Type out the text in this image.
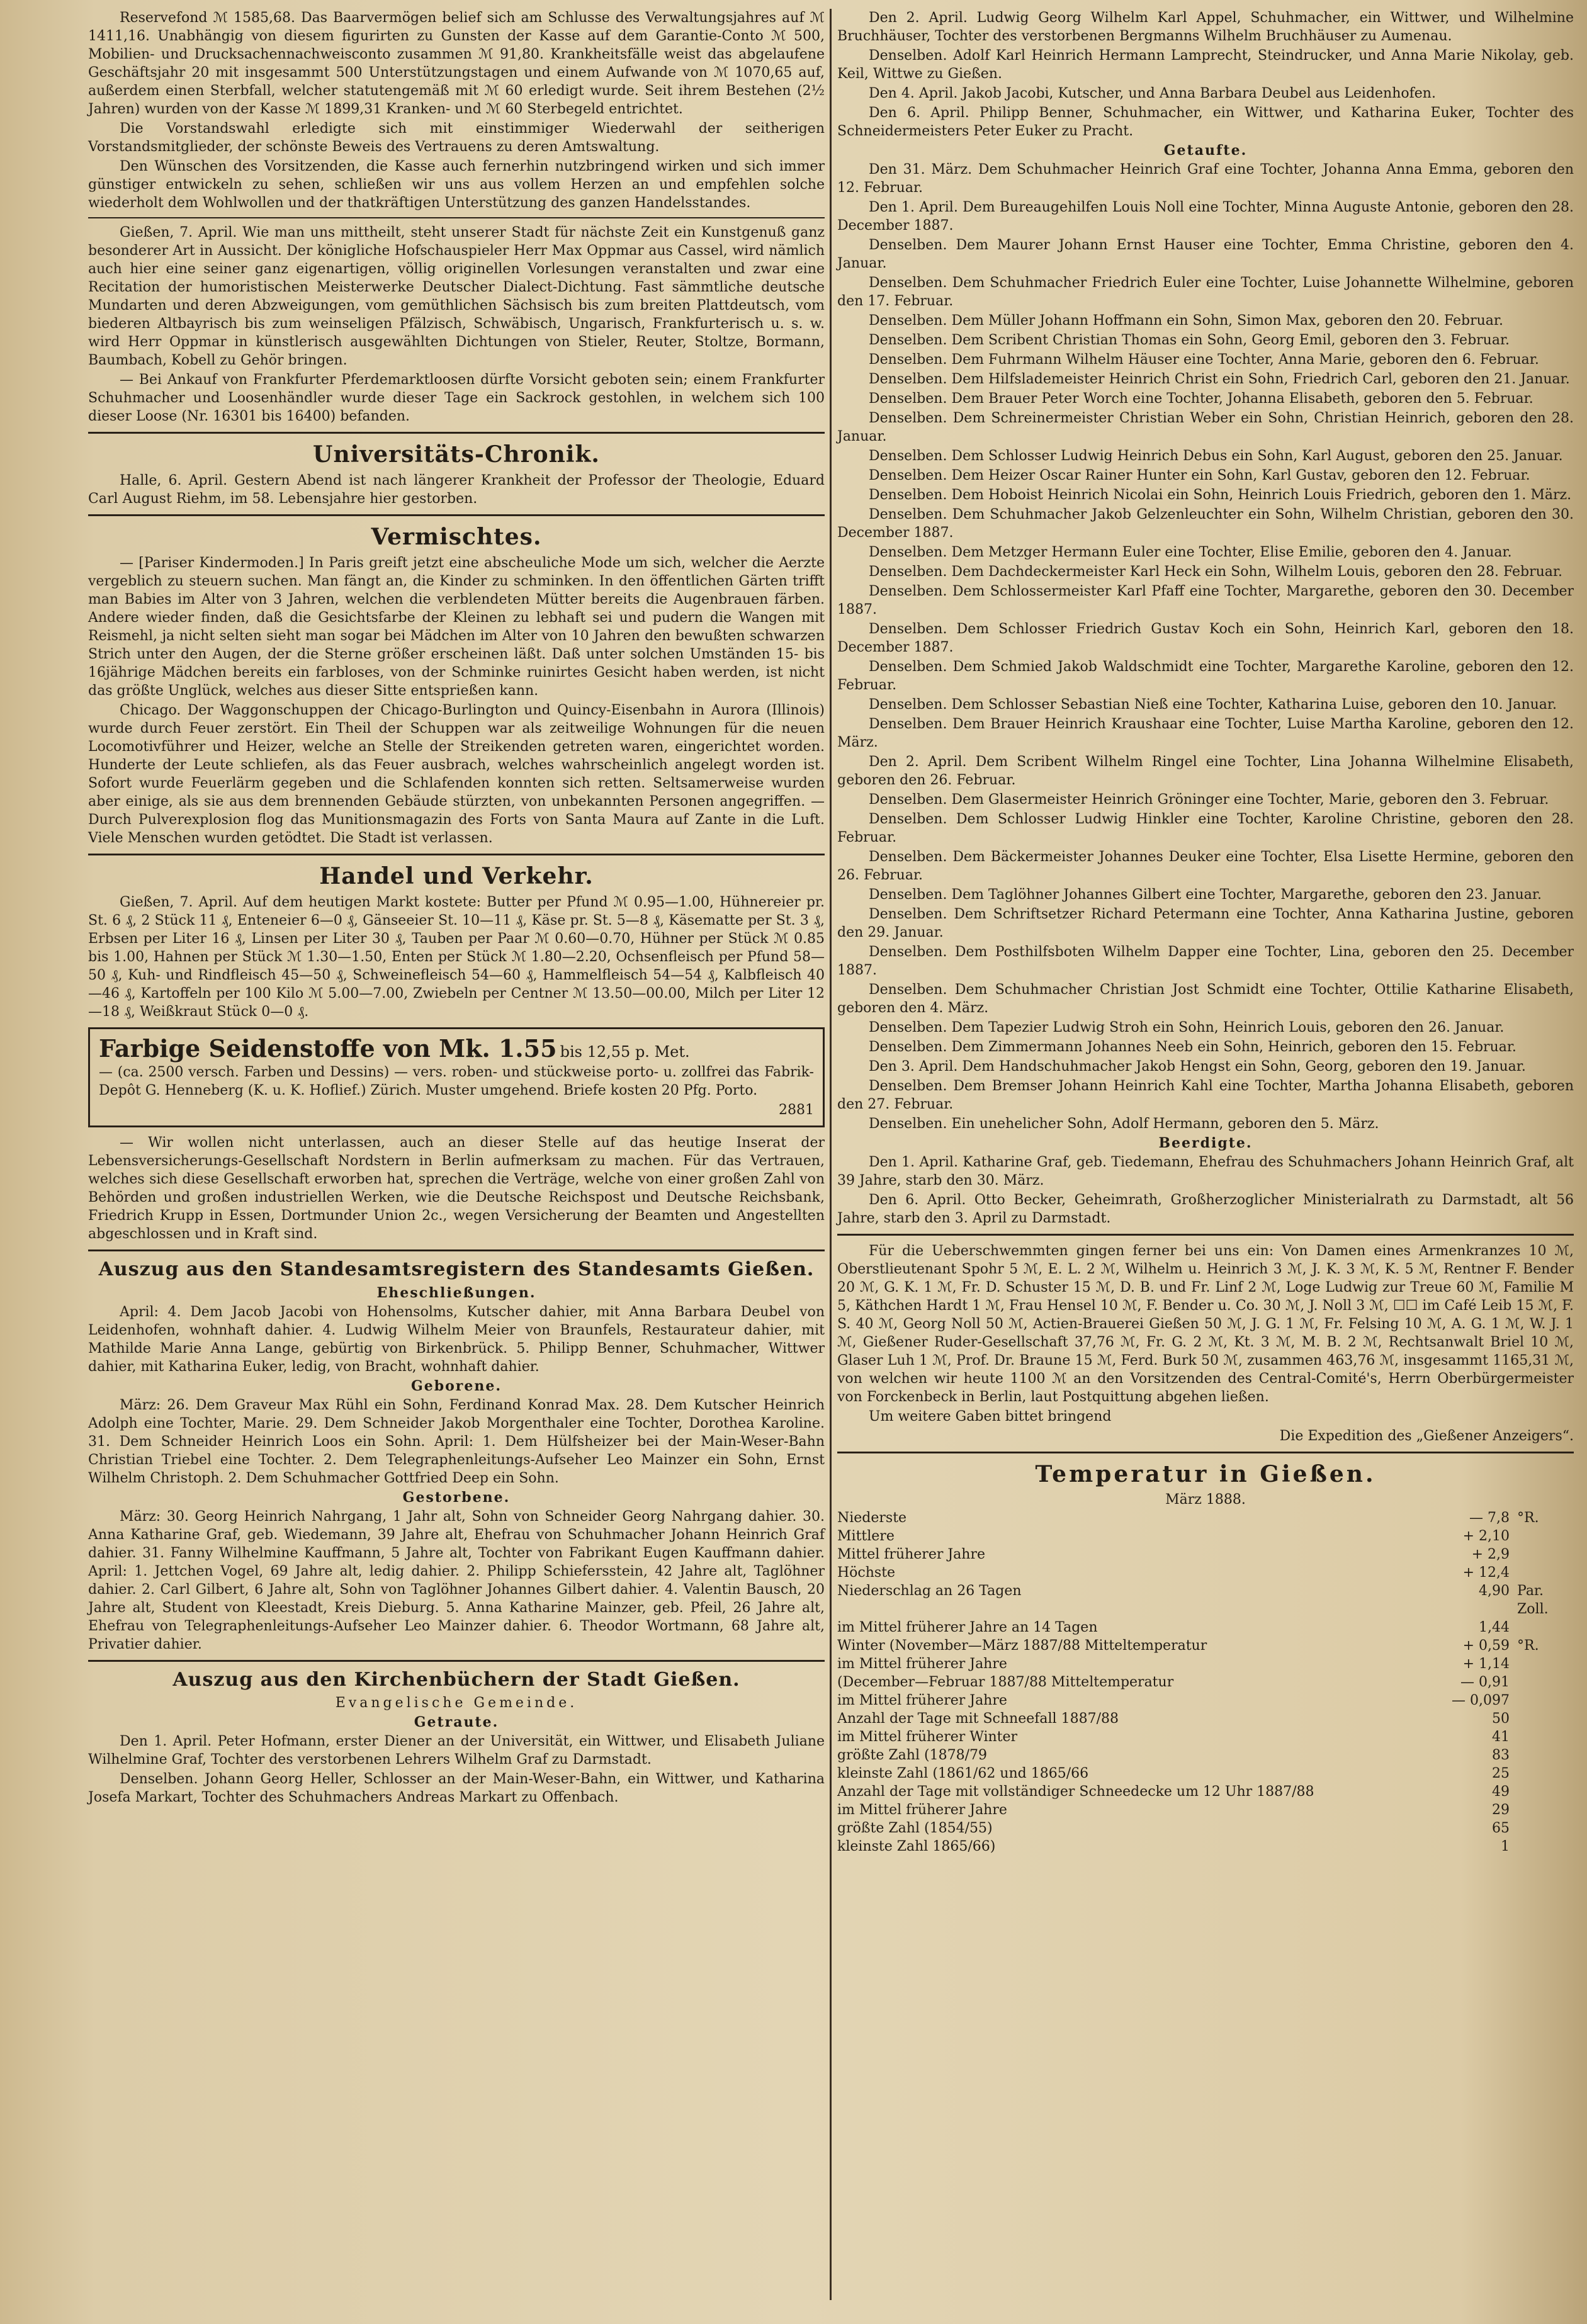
Reservefond ℳ 1585,68. Das Baarvermögen belief sich am Schlusse des Verwaltungsjahres auf ℳ 1411,16. Unabhängig von diesem figurirten zu Gunsten der Kasse auf dem Garantie-Conto ℳ 500, Mobilien- und Drucksachennachweisconto zusammen ℳ 91,80. Krankheitsfälle weist das abgelaufene Geschäftsjahr 20 mit insgesammt 500 Unterstützungstagen und einem Aufwande von ℳ 1070,65 auf, außerdem einen Sterbfall, welcher statutengemäß mit ℳ 60 erledigt wurde. Seit ihrem Bestehen (2½ Jahren) wurden von der Kasse ℳ 1899,31 Kranken- und ℳ 60 Sterbegeld entrichtet.

Die Vorstandswahl erledigte sich mit einstimmiger Wiederwahl der seitherigen Vorstandsmitglieder, der schönste Beweis des Vertrauens zu deren Amtswaltung.

Den Wünschen des Vorsitzenden, die Kasse auch fernerhin nutzbringend wirken und sich immer günstiger entwickeln zu sehen, schließen wir uns aus vollem Herzen an und empfehlen solche wiederholt dem Wohlwollen und der thatkräftigen Unterstützung des ganzen Handelsstandes.

Gießen, 7. April. Wie man uns mittheilt, steht unserer Stadt für nächste Zeit ein Kunstgenuß ganz besonderer Art in Aussicht. Der königliche Hofschauspieler Herr Max Oppmar aus Cassel, wird nämlich auch hier eine seiner ganz eigenartigen, völlig originellen Vorlesungen veranstalten und zwar eine Recitation der humoristischen Meisterwerke Deutscher Dialect-Dichtung. Fast sämmtliche deutsche Mundarten und deren Abzweigungen, vom gemüthlichen Sächsisch bis zum breiten Plattdeutsch, vom biederen Altbayrisch bis zum weinseligen Pfälzisch, Schwäbisch, Ungarisch, Frankfurterisch u. s. w. wird Herr Oppmar in künstlerisch ausgewählten Dichtungen von Stieler, Reuter, Stoltze, Bormann, Baumbach, Kobell zu Gehör bringen.

— Bei Ankauf von Frankfurter Pferdemarktloosen dürfte Vorsicht geboten sein; einem Frankfurter Schuhmacher und Loosenhändler wurde dieser Tage ein Sackrock gestohlen, in welchem sich 100 dieser Loose (Nr. 16301 bis 16400) befanden.

Universitäts-Chronik.

Halle, 6. April. Gestern Abend ist nach längerer Krankheit der Professor der Theologie, Eduard Carl August Riehm, im 58. Lebensjahre hier gestorben.

Vermischtes.

— [Pariser Kindermoden.] In Paris greift jetzt eine abscheuliche Mode um sich, welcher die Aerzte vergeblich zu steuern suchen. Man fängt an, die Kinder zu schminken. In den öffentlichen Gärten trifft man Babies im Alter von 3 Jahren, welchen die verblendeten Mütter bereits die Augenbrauen färben. Andere wieder finden, daß die Gesichtsfarbe der Kleinen zu lebhaft sei und pudern die Wangen mit Reismehl, ja nicht selten sieht man sogar bei Mädchen im Alter von 10 Jahren den bewußten schwarzen Strich unter den Augen, der die Sterne größer erscheinen läßt. Daß unter solchen Umständen 15- bis 16jährige Mädchen bereits ein farbloses, von der Schminke ruinirtes Gesicht haben werden, ist nicht das größte Unglück, welches aus dieser Sitte entsprießen kann.

Chicago. Der Waggonschuppen der Chicago-Burlington und Quincy-Eisenbahn in Aurora (Illinois) wurde durch Feuer zerstört. Ein Theil der Schuppen war als zeitweilige Wohnungen für die neuen Locomotivführer und Heizer, welche an Stelle der Streikenden getreten waren, eingerichtet worden. Hunderte der Leute schliefen, als das Feuer ausbrach, welches wahrscheinlich angelegt worden ist. Sofort wurde Feuerlärm gegeben und die Schlafenden konnten sich retten. Seltsamerweise wurden aber einige, als sie aus dem brennenden Gebäude stürzten, von unbekannten Personen angegriffen. — Durch Pulverexplosion flog das Munitionsmagazin des Forts von Santa Maura auf Zante in die Luft. Viele Menschen wurden getödtet. Die Stadt ist verlassen.

Handel und Verkehr.

Gießen, 7. April. Auf dem heutigen Markt kostete: Butter per Pfund ℳ 0.95—1.00, Hühnereier pr. St. 6 ₰, 2 Stück 11 ₰, Enteneier 6—0 ₰, Gänseeier St. 10—11 ₰, Käse pr. St. 5—8 ₰, Käsematte per St. 3 ₰, Erbsen per Liter 16 ₰, Linsen per Liter 30 ₰, Tauben per Paar ℳ 0.60—0.70, Hühner per Stück ℳ 0.85 bis 1.00, Hahnen per Stück ℳ 1.30—1.50, Enten per Stück ℳ 1.80—2.20, Ochsenfleisch per Pfund 58—50 ₰, Kuh- und Rindfleisch 45—50 ₰, Schweinefleisch 54—60 ₰, Hammelfleisch 54—54 ₰, Kalbfleisch 40—46 ₰, Kartoffeln per 100 Kilo ℳ 5.00—7.00, Zwiebeln per Centner ℳ 13.50—00.00, Milch per Liter 12—18 ₰, Weißkraut Stück 0—0 ₰.

Farbige Seidenstoffe von Mk. 1.55 bis 12,55 p. Met.

— (ca. 2500 versch. Farben und Dessins) — vers. roben- und stückweise porto- u. zollfrei das Fabrik-Depôt G. Henneberg (K. u. K. Hoflief.) Zürich. Muster umgehend. Briefe kosten 20 Pfg. Porto.

2881

— Wir wollen nicht unterlassen, auch an dieser Stelle auf das heutige Inserat der Lebensversicherungs-Gesellschaft Nordstern in Berlin aufmerksam zu machen. Für das Vertrauen, welches sich diese Gesellschaft erworben hat, sprechen die Verträge, welche von einer großen Zahl von Behörden und großen industriellen Werken, wie die Deutsche Reichspost und Deutsche Reichsbank, Friedrich Krupp in Essen, Dortmunder Union 2c., wegen Versicherung der Beamten und Angestellten abgeschlossen und in Kraft sind.

Auszug aus den Standesamtsregistern des Standesamts Gießen.
Eheschließungen.

April: 4. Dem Jacob Jacobi von Hohensolms, Kutscher dahier, mit Anna Barbara Deubel von Leidenhofen, wohnhaft dahier. 4. Ludwig Wilhelm Meier von Braunfels, Restaurateur dahier, mit Mathilde Marie Anna Lange, gebürtig von Birkenbrück. 5. Philipp Benner, Schuhmacher, Wittwer dahier, mit Katharina Euker, ledig, von Bracht, wohnhaft dahier.

Geborene.

März: 26. Dem Graveur Max Rühl ein Sohn, Ferdinand Konrad Max. 28. Dem Kutscher Heinrich Adolph eine Tochter, Marie. 29. Dem Schneider Jakob Morgenthaler eine Tochter, Dorothea Karoline. 31. Dem Schneider Heinrich Loos ein Sohn. April: 1. Dem Hülfsheizer bei der Main-Weser-Bahn Christian Triebel eine Tochter. 2. Dem Telegraphenleitungs-Aufseher Leo Mainzer ein Sohn, Ernst Wilhelm Christoph. 2. Dem Schuhmacher Gottfried Deep ein Sohn.

Gestorbene.

März: 30. Georg Heinrich Nahrgang, 1 Jahr alt, Sohn von Schneider Georg Nahrgang dahier. 30. Anna Katharine Graf, geb. Wiedemann, 39 Jahre alt, Ehefrau von Schuhmacher Johann Heinrich Graf dahier. 31. Fanny Wilhelmine Kauffmann, 5 Jahre alt, Tochter von Fabrikant Eugen Kauffmann dahier. April: 1. Jettchen Vogel, 69 Jahre alt, ledig dahier. 2. Philipp Schiefersstein, 42 Jahre alt, Taglöhner dahier. 2. Carl Gilbert, 6 Jahre alt, Sohn von Taglöhner Johannes Gilbert dahier. 4. Valentin Bausch, 20 Jahre alt, Student von Kleestadt, Kreis Dieburg. 5. Anna Katharine Mainzer, geb. Pfeil, 26 Jahre alt, Ehefrau von Telegraphenleitungs-Aufseher Leo Mainzer dahier. 6. Theodor Wortmann, 68 Jahre alt, Privatier dahier.

Auszug aus den Kirchenbüchern der Stadt Gießen.
Evangelische Gemeinde.
Getraute.

Den 1. April. Peter Hofmann, erster Diener an der Universität, ein Wittwer, und Elisabeth Juliane Wilhelmine Graf, Tochter des verstorbenen Lehrers Wilhelm Graf zu Darmstadt.

Denselben. Johann Georg Heller, Schlosser an der Main-Weser-Bahn, ein Wittwer, und Katharina Josefa Markart, Tochter des Schuhmachers Andreas Markart zu Offenbach.

Den 2. April. Ludwig Georg Wilhelm Karl Appel, Schuhmacher, ein Wittwer, und Wilhelmine Bruchhäuser, Tochter des verstorbenen Bergmanns Wilhelm Bruchhäuser zu Aumenau.

Denselben. Adolf Karl Heinrich Hermann Lamprecht, Steindrucker, und Anna Marie Nikolay, geb. Keil, Wittwe zu Gießen.

Den 4. April. Jakob Jacobi, Kutscher, und Anna Barbara Deubel aus Leidenhofen.

Den 6. April. Philipp Benner, Schuhmacher, ein Wittwer, und Katharina Euker, Tochter des Schneidermeisters Peter Euker zu Pracht.

Getaufte.

Den 31. März. Dem Schuhmacher Heinrich Graf eine Tochter, Johanna Anna Emma, geboren den 12. Februar.

Den 1. April. Dem Bureaugehilfen Louis Noll eine Tochter, Minna Auguste Antonie, geboren den 28. December 1887.

Denselben. Dem Maurer Johann Ernst Hauser eine Tochter, Emma Christine, geboren den 4. Januar.

Denselben. Dem Schuhmacher Friedrich Euler eine Tochter, Luise Johannette Wilhelmine, geboren den 17. Februar.

Denselben. Dem Müller Johann Hoffmann ein Sohn, Simon Max, geboren den 20. Februar.

Denselben. Dem Scribent Christian Thomas ein Sohn, Georg Emil, geboren den 3. Februar.

Denselben. Dem Fuhrmann Wilhelm Häuser eine Tochter, Anna Marie, geboren den 6. Februar.

Denselben. Dem Hilfslademeister Heinrich Christ ein Sohn, Friedrich Carl, geboren den 21. Januar.

Denselben. Dem Brauer Peter Worch eine Tochter, Johanna Elisabeth, geboren den 5. Februar.

Denselben. Dem Schreinermeister Christian Weber ein Sohn, Christian Heinrich, geboren den 28. Januar.

Denselben. Dem Schlosser Ludwig Heinrich Debus ein Sohn, Karl August, geboren den 25. Januar.

Denselben. Dem Heizer Oscar Rainer Hunter ein Sohn, Karl Gustav, geboren den 12. Februar.

Denselben. Dem Hoboist Heinrich Nicolai ein Sohn, Heinrich Louis Friedrich, geboren den 1. März.

Denselben. Dem Schuhmacher Jakob Gelzenleuchter ein Sohn, Wilhelm Christian, geboren den 30. December 1887.

Denselben. Dem Metzger Hermann Euler eine Tochter, Elise Emilie, geboren den 4. Januar.

Denselben. Dem Dachdeckermeister Karl Heck ein Sohn, Wilhelm Louis, geboren den 28. Februar.

Denselben. Dem Schlossermeister Karl Pfaff eine Tochter, Margarethe, geboren den 30. December 1887.

Denselben. Dem Schlosser Friedrich Gustav Koch ein Sohn, Heinrich Karl, geboren den 18. December 1887.

Denselben. Dem Schmied Jakob Waldschmidt eine Tochter, Margarethe Karoline, geboren den 12. Februar.

Denselben. Dem Schlosser Sebastian Nieß eine Tochter, Katharina Luise, geboren den 10. Januar.

Denselben. Dem Brauer Heinrich Kraushaar eine Tochter, Luise Martha Karoline, geboren den 12. März.

Den 2. April. Dem Scribent Wilhelm Ringel eine Tochter, Lina Johanna Wilhelmine Elisabeth, geboren den 26. Februar.

Denselben. Dem Glasermeister Heinrich Gröninger eine Tochter, Marie, geboren den 3. Februar.

Denselben. Dem Schlosser Ludwig Hinkler eine Tochter, Karoline Christine, geboren den 28. Februar.

Denselben. Dem Bäckermeister Johannes Deuker eine Tochter, Elsa Lisette Hermine, geboren den 26. Februar.

Denselben. Dem Taglöhner Johannes Gilbert eine Tochter, Margarethe, geboren den 23. Januar.

Denselben. Dem Schriftsetzer Richard Petermann eine Tochter, Anna Katharina Justine, geboren den 29. Januar.

Denselben. Dem Posthilfsboten Wilhelm Dapper eine Tochter, Lina, geboren den 25. December 1887.

Denselben. Dem Schuhmacher Christian Jost Schmidt eine Tochter, Ottilie Katharine Elisabeth, geboren den 4. März.

Denselben. Dem Tapezier Ludwig Stroh ein Sohn, Heinrich Louis, geboren den 26. Januar.

Denselben. Dem Zimmermann Johannes Neeb ein Sohn, Heinrich, geboren den 15. Februar.

Den 3. April. Dem Handschuhmacher Jakob Hengst ein Sohn, Georg, geboren den 19. Januar.

Denselben. Dem Bremser Johann Heinrich Kahl eine Tochter, Martha Johanna Elisabeth, geboren den 27. Februar.

Denselben. Ein unehelicher Sohn, Adolf Hermann, geboren den 5. März.

Beerdigte.

Den 1. April. Katharine Graf, geb. Tiedemann, Ehefrau des Schuhmachers Johann Heinrich Graf, alt 39 Jahre, starb den 30. März.

Den 6. April. Otto Becker, Geheimrath, Großherzoglicher Ministerialrath zu Darmstadt, alt 56 Jahre, starb den 3. April zu Darmstadt.

Für die Ueberschwemmten gingen ferner bei uns ein: Von Damen eines Armenkranzes 10 ℳ, Oberstlieutenant Spohr 5 ℳ, E. L. 2 ℳ, Wilhelm u. Heinrich 3 ℳ, J. K. 3 ℳ, K. 5 ℳ, Rentner F. Bender 20 ℳ, G. K. 1 ℳ, Fr. D. Schuster 15 ℳ, D. B. und Fr. Linf 2 ℳ, Loge Ludwig zur Treue 60 ℳ, Familie M 5, Käthchen Hardt 1 ℳ, Frau Hensel 10 ℳ, F. Bender u. Co. 30 ℳ, J. Noll 3 ℳ, ☐☐ im Café Leib 15 ℳ, F. S. 40 ℳ, Georg Noll 50 ℳ, Actien-Brauerei Gießen 50 ℳ, J. G. 1 ℳ, Fr. Felsing 10 ℳ, A. G. 1 ℳ, W. J. 1 ℳ, Gießener Ruder-Gesellschaft 37,76 ℳ, Fr. G. 2 ℳ, Kt. 3 ℳ, M. B. 2 ℳ, Rechtsanwalt Briel 10 ℳ, Glaser Luh 1 ℳ, Prof. Dr. Braune 15 ℳ, Ferd. Burk 50 ℳ, zusammen 463,76 ℳ, insgesammt 1165,31 ℳ, von welchen wir heute 1100 ℳ an den Vorsitzenden des Central-Comité's, Herrn Oberbürgermeister von Forckenbeck in Berlin, laut Postquittung abgehen ließen.

Um weitere Gaben bittet bringend

Die Expedition des „Gießener Anzeigers“.

Temperatur in Gießen.
März 1888.
Niederste	— 7,8 °R.
Mittlere	+ 2,10
Mittel früherer Jahre	+ 2,9
Höchste	+ 12,4
Niederschlag an 26 Tagen	4,90 Par. Zoll.
im Mittel früherer Jahre an 14 Tagen	1,44
Winter (November—März 1887/88 Mitteltemperatur	+ 0,59 °R.
im Mittel früherer Jahre	+ 1,14
(December—Februar 1887/88 Mitteltemperatur	— 0,91
im Mittel früherer Jahre	— 0,097
Anzahl der Tage mit Schneefall 1887/88	50
im Mittel früherer Winter	41
größte Zahl (1878/79	83
kleinste Zahl (1861/62 und 1865/66	25
Anzahl der Tage mit vollständiger Schneedecke um 12 Uhr 1887/88	49
im Mittel früherer Jahre	29
größte Zahl (1854/55)	65
kleinste Zahl 1865/66)	1
